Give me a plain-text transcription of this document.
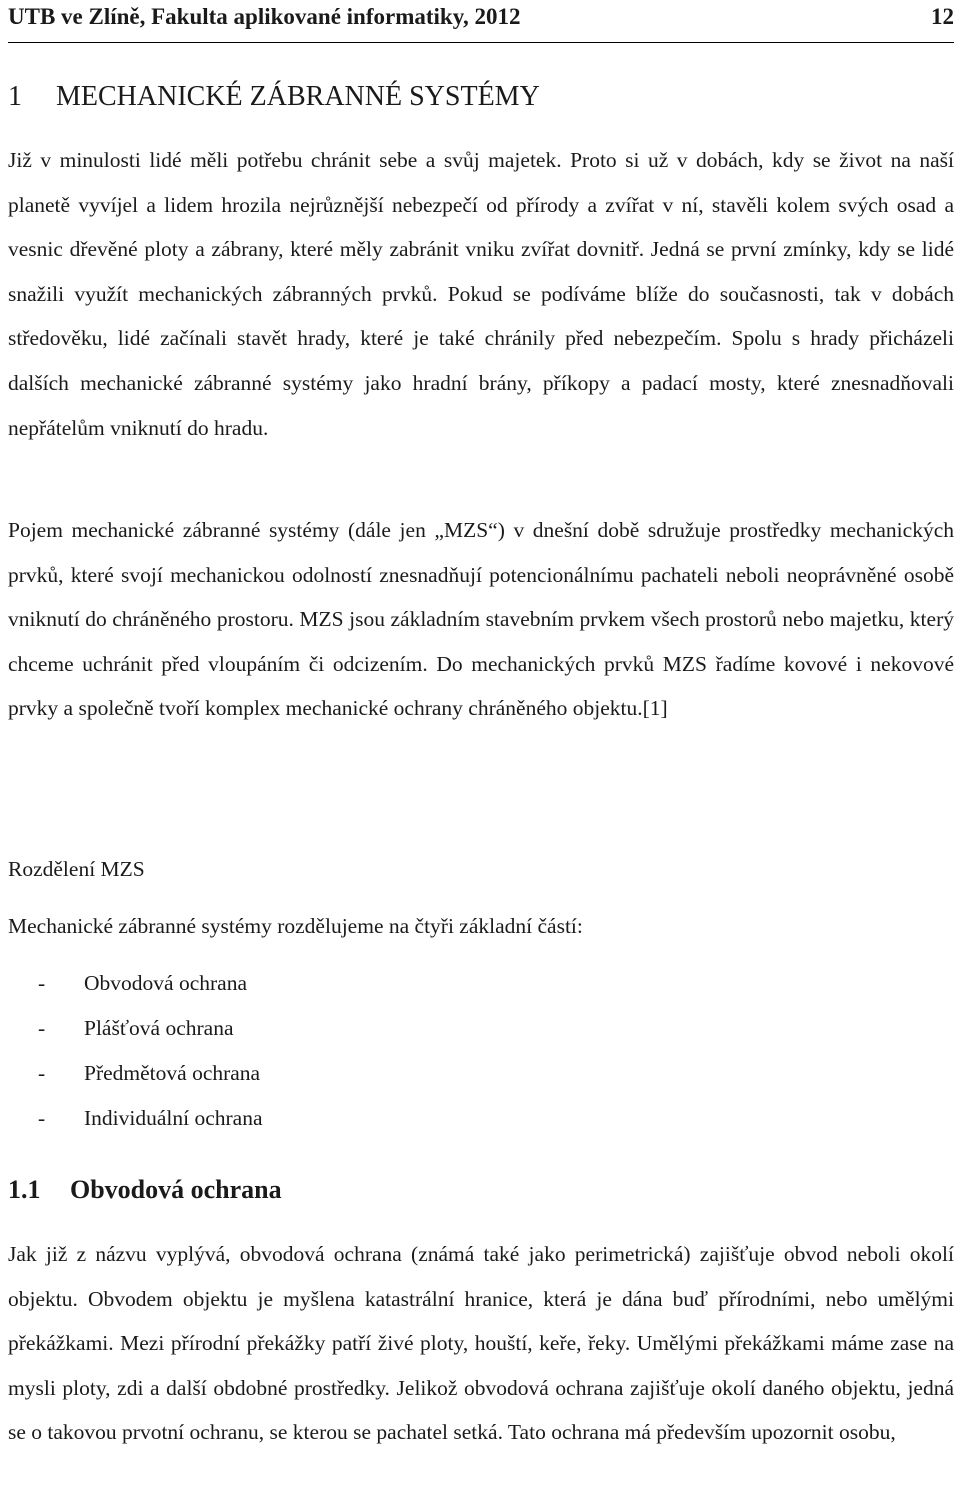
UTB ve Zlíně, Fakulta aplikované informatiky, 2012	12
1 MECHANICKÉ ZÁBRANNÉ SYSTÉMY

Již v minulosti lidé měli potřebu chránit sebe a svůj majetek. Proto si už v dobách, kdy se život na naší planetě vyvíjel a lidem hrozila nejrůznější nebezpečí od přírody a zvířat v ní, stavěli kolem svých osad a vesnic dřevěné ploty a zábrany, které měly zabránit vniku zvířat dovnitř. Jedná se první zmínky, kdy se lidé snažili využít mechanických zábranných prvků. Pokud se podíváme blíže do současnosti, tak v dobách středověku, lidé začínali stavět hrady, které je také chránily před nebezpečím. Spolu s hrady přicházeli dalších mechanické zábranné systémy jako hradní brány, příkopy a padací mosty, které znesnadňovali nepřátelům vniknutí do hradu.

Pojem mechanické zábranné systémy (dále jen „MZS“) v dnešní době sdružuje prostředky mechanických prvků, které svojí mechanickou odolností znesnadňují potencionálnímu pachateli neboli neoprávněné osobě vniknutí do chráněného prostoru. MZS jsou základním stavebním prvkem všech prostorů nebo majetku, který chceme uchránit před vloupáním či odcizením. Do mechanických prvků MZS řadíme kovové i nekovové prvky a společně tvoří komplex mechanické ochrany chráněného objektu.[1]

Rozdělení MZS
Mechanické zábranné systémy rozdělujeme na čtyři základní částí:
- Obvodová ochrana
- Plášťová ochrana
- Předmětová ochrana
- Individuální ochrana
1.1 Obvodová ochrana

Jak již z názvu vyplývá, obvodová ochrana (známá také jako perimetrická) zajišťuje obvod neboli okolí objektu. Obvodem objektu je myšlena katastrální hranice, která je dána buď přírodními, nebo umělými překážkami. Mezi přírodní překážky patří živé ploty, houští, keře, řeky. Umělými překážkami máme zase na mysli ploty, zdi a další obdobné prostředky. Jelikož obvodová ochrana zajišťuje okolí daného objektu, jedná se o takovou prvotní ochranu, se kterou se pachatel setká. Tato ochrana má především upozornit osobu,
